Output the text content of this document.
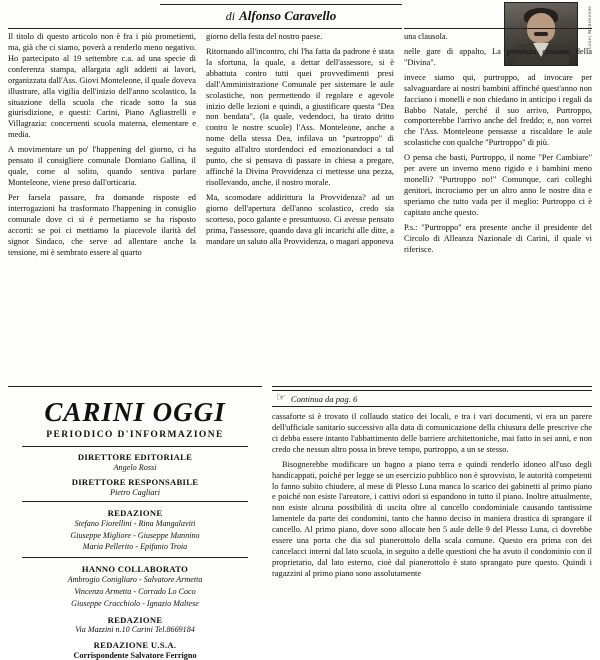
di Alfonso Caravello	Giovi Monteleone

Il titolo di questo articolo non è fra i più prometienti, ma, già che ci siamo, poverà a renderlo meno negativo. Ho partecipato al 19 settembre c.a. ad una specie di conferenza stampa, allargata agli addetti ai lavori, organizzata dall'Ass. Giovi Monteleone, il quale doveva illustrare, alla vigilia dell'inizio dell'anno scolastico, la situazione della scuola che ricade sotto la sua giurisdizione, e questi: Carini, Piano Agliastrelli e Villagrazia: concernenti scuola materna, elementare e media.

A movimentare un po' l'happening del giorno, ci ha pensato il consigliere comunale Domiano Gallina, il quale, come al solito, quando sentiva parlare Monteleone, viene preso dall'orticaria.

Per farsela passare, fra domande risposte ed interrogazioni ha trasformato l'happening in consiglio comunale dove ci si è permetiamo se ha risposto accorti: se poi ci mettiamo la piacevole ilarità del signor Sindaco, che serve ad allentare anche la tensione, mi è sembrato essere al quarto

giorno della festa del nostro paese.

Ritornando all'incontro, chi l'ha fatta da padrone è stata la sfortuna, la quale, a dettar dell'assessore, si è abbattuta contro tutti quei provvedimenti presi dall'Amministrazione Comunale per sistemare le aule scolastiche, non permettendo il regolare e agevole inizio delle lezioni e quindi, a giustificare questa "Dea non bendata", (la quale, vedendoci, ha tirato dritto contro le nostre scuole) l'Ass. Monteleone, anche a nome della stessa Dea, infilava un "purtroppo" di seguito all'altro stordendoci ed emozionandoci a tal punto, che si pensava di passare in chiesa a pregare, affinché la Divina Provvidenza ci mettesse una pezza, risollevando, anche, il nostro morale.

Ma, scomodare addirittura la Provvidenza? ad un giorno dell'apertura dell'anno scolastico, credo sia scorteso, poco galante e presuntuoso. Ci avesse pensato prima, l'assessore, quando dava gli incarichi alle ditte, a mandare un saluto alla Provvidenza, o magari apponeva

una clausola.

nelle gare di appalto, La presenza costante della "Divina".

invece siamo qui, purtroppo, ad invocare per salvaguardare ai nostri bambini affinché quest'anno non facciano i monelli e non chiedano in anticipo i regali da Babbo Natale, perché il suo arrivo, Purtroppo, comporterebbe l'arrivo anche del freddo; e, non vorrei che l'Ass. Monteleone pensasse a riscaldare le aule scolastiche con qualche "Purtroppo" di più.

O pensa che basti, Purtroppo, il nome "Per Cambiare" per avere un inverno meno rigido e i bambini meno monelli? "Purtroppo no!" Comunque, cari colleghi genitori, incrociamo per un altro anno le nostre dita e speriamo che tutto vada per il meglio: Purtroppo ci è capitato anche questo.

P.s.: "Purtroppo" era presente anche il presidente del Circolo di Alleanza Nazionale di Carini, il quale vi riferisce.

CARINI OGGI
PERIODICO D'INFORMAZIONE
DIRETTORE EDITORIALE
Angelo Rossi
DIRETTORE RESPONSABILE
Pietro Cagliari
REDAZIONE
Stefano Fiorellini - Rina Mangalaviti
Giuseppe Migliore - Giuseppe Mannino
Maria Pellerito - Epifanio Troia
HANNO COLLABORATO
Ambrogio Conigliaro - Salvatore Armetta
Vincenzo Armetta - Corrado Lo Coco
Giuseppe Cracchiolo - Ignazio Maltese
REDAZIONE
Via Mazzini n.10 Carini Tel.8669184
REDAZIONE U.S.A.
Corrispondente Salvatore Ferrigno
☞ Continua da pag. 6

cassaforte si è trovato il collaudo statico dei locali, e tra i vari documenti, vi era un parere dell'ufficiale sanitario successivo alla data di comunicazione della chiusura delle prescrive che ci debba essere intanto l'abbattimento delle barriere architettoniche, mai fatto in sei anni, e non credo che nessun altro possa in breve tempo, purtroppo, a un se stesso.

Bisognerebbe modificare un bagno a piano terra e quindi renderlo idoneo all'uso degli handicappati, poiché per legge se un esercizio pubblico non è sprovvisto, le autorità competenti lo fanno subito chiudere, al mese di Plesso Luna manca lo scarico dei gabinetti al primo piano e poiché non esiste l'areatore, i cattivi odori si espandono in tutto il piano. Inoltre attualmente, non esiste alcuna possibilità di uscita oltre al cancello condominiale causando tantissime lamentele da parte dei condomini, tanto che hanno deciso in maniera drastica di sprangare il cancello. Al primo piano, dove sono allocate ben 5 aule delle 9 del Plesso Luna, ci dovrebbe essere una porta che dia sul pianerottolo della scala comune. Questo era prima con dei cancelacci interni dal lato scuola, in seguito a delle questioni che ha avuto il condominio con il proprietario, dal lato esterno, cioè dal pianerottolo è stato sprangato pure questo. Quindi i ragazzini al primo piano sono assolutamente
